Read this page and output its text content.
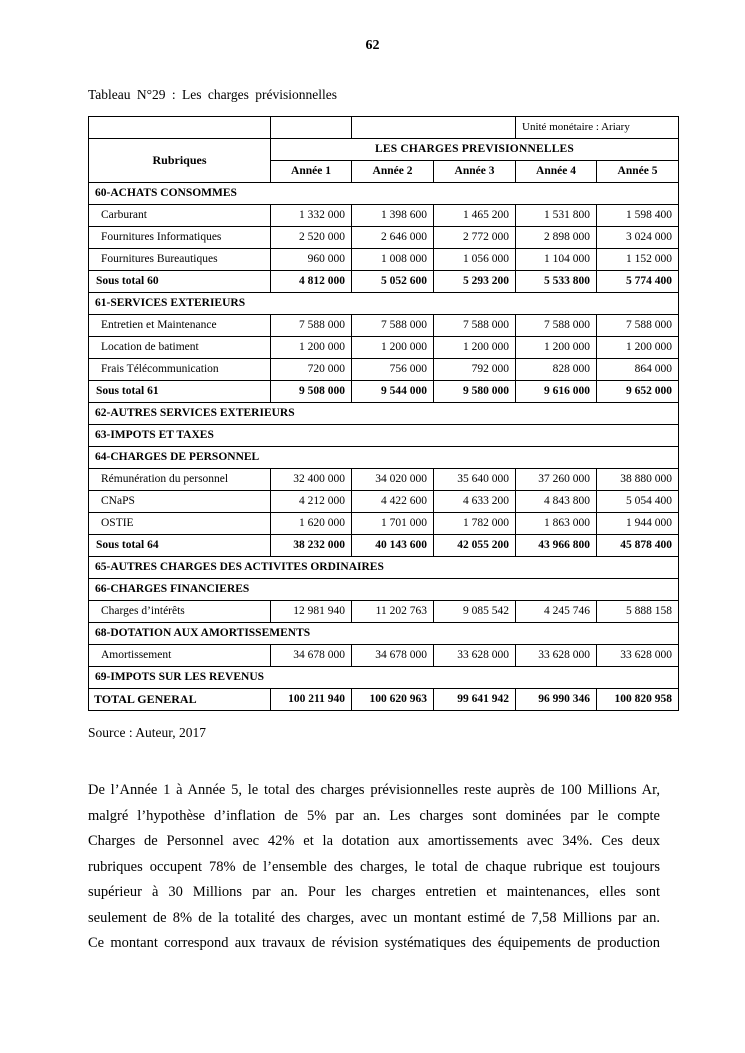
62
Tableau N°29 : Les charges prévisionnelles
				Unité monétaire : Ariary	
Rubriques	LES CHARGES PREVISIONNELLES				
	Année 1	Année 2	Année 3	Année 4	Année 5
60-ACHATS CONSOMMES					
Carburant	1 332 000	1 398 600	1 465 200	1 531 800	1 598 400
Fournitures Informatiques	2 520 000	2 646 000	2 772 000	2 898 000	3 024 000
Fournitures Bureautiques	960 000	1 008 000	1 056 000	1 104 000	1 152 000
Sous total 60	4 812 000	5 052 600	5 293 200	5 533 800	5 774 400
61-SERVICES EXTERIEURS					
Entretien et Maintenance	7 588 000	7 588 000	7 588 000	7 588 000	7 588 000
Location de batiment	1 200 000	1 200 000	1 200 000	1 200 000	1 200 000
Frais Télécommunication	720 000	756 000	792 000	828 000	864 000
Sous total 61	9 508 000	9 544 000	9 580 000	9 616 000	9 652 000
62-AUTRES SERVICES EXTERIEURS					
63-IMPOTS ET TAXES					
64-CHARGES DE PERSONNEL					
Rémunération du personnel	32 400 000	34 020 000	35 640 000	37 260 000	38 880 000
CNaPS	4 212 000	4 422 600	4 633 200	4 843 800	5 054 400
OSTIE	1 620 000	1 701 000	1 782 000	1 863 000	1 944 000
Sous total 64	38 232 000	40 143 600	42 055 200	43 966 800	45 878 400
65-AUTRES CHARGES DES ACTIVITES ORDINAIRES					
66-CHARGES FINANCIERES					
Charges d’intérêts	12 981 940	11 202 763	9 085 542	4 245 746	5 888 158
68-DOTATION AUX AMORTISSEMENTS					
Amortissement	34 678 000	34 678 000	33 628 000	33 628 000	33 628 000
69-IMPOTS SUR LES REVENUS					
TOTAL GENERAL	100 211 940	100 620 963	99 641 942	96 990 346	100 820 958
Source : Auteur, 2017

De l’Année 1 à Année 5, le total des charges prévisionnelles reste auprès de 100 Millions Ar, malgré l’hypothèse d’inflation de 5% par an. Les charges sont dominées par le compte Charges de Personnel avec 42% et la dotation aux amortissements avec 34%. Ces deux rubriques occupent 78% de l’ensemble des charges, le total de chaque rubrique est toujours supérieur à 30 Millions par an. Pour les charges entretien et maintenances, elles sont seulement de 8% de la totalité des charges, avec un montant estimé de 7,58 Millions par an. Ce montant correspond aux travaux de révision systématiques des équipements de production
